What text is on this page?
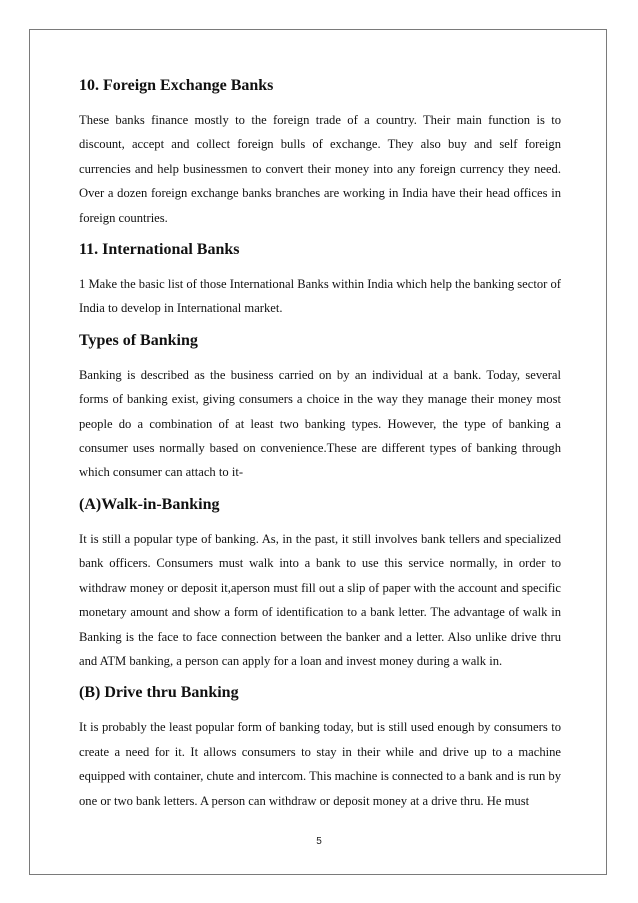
10. Foreign Exchange Banks

These banks finance mostly to the foreign trade of a country. Their main function is to discount, accept and collect foreign bulls of exchange. They also buy and self foreign currencies and help businessmen to convert their money into any foreign currency they need. Over a dozen foreign exchange banks branches are working in India have their head offices in foreign countries.

11. International Banks

1 Make the basic list of those International Banks within India which help the banking sector of India to develop in International market.

Types of Banking

Banking is described as the business carried on by an individual at a bank. Today, several forms of banking exist, giving consumers a choice in the way they manage their money most people do a combination of at least two banking types. However, the type of banking a consumer uses normally based on convenience.These are different types of banking through which consumer can attach to it-

(A)Walk-in-Banking

It is still a popular type of banking. As, in the past, it still involves bank tellers and specialized bank officers. Consumers must walk into a bank to use this service normally, in order to withdraw money or deposit it,aperson must fill out a slip of paper with the account and specific monetary amount and show a form of identification to a bank letter. The advantage of walk in Banking is the face to face connection between the banker and a letter. Also unlike drive thru and ATM banking, a person can apply for a loan and invest money during a walk in.

(B) Drive thru Banking

It is probably the least popular form of banking today, but is still used enough by consumers to create a need for it. It allows consumers to stay in their while and drive up to a machine equipped with container, chute and intercom. This machine is connected to a bank and is run by one or two bank letters. A person can withdraw or deposit money at a drive thru. He must

5
